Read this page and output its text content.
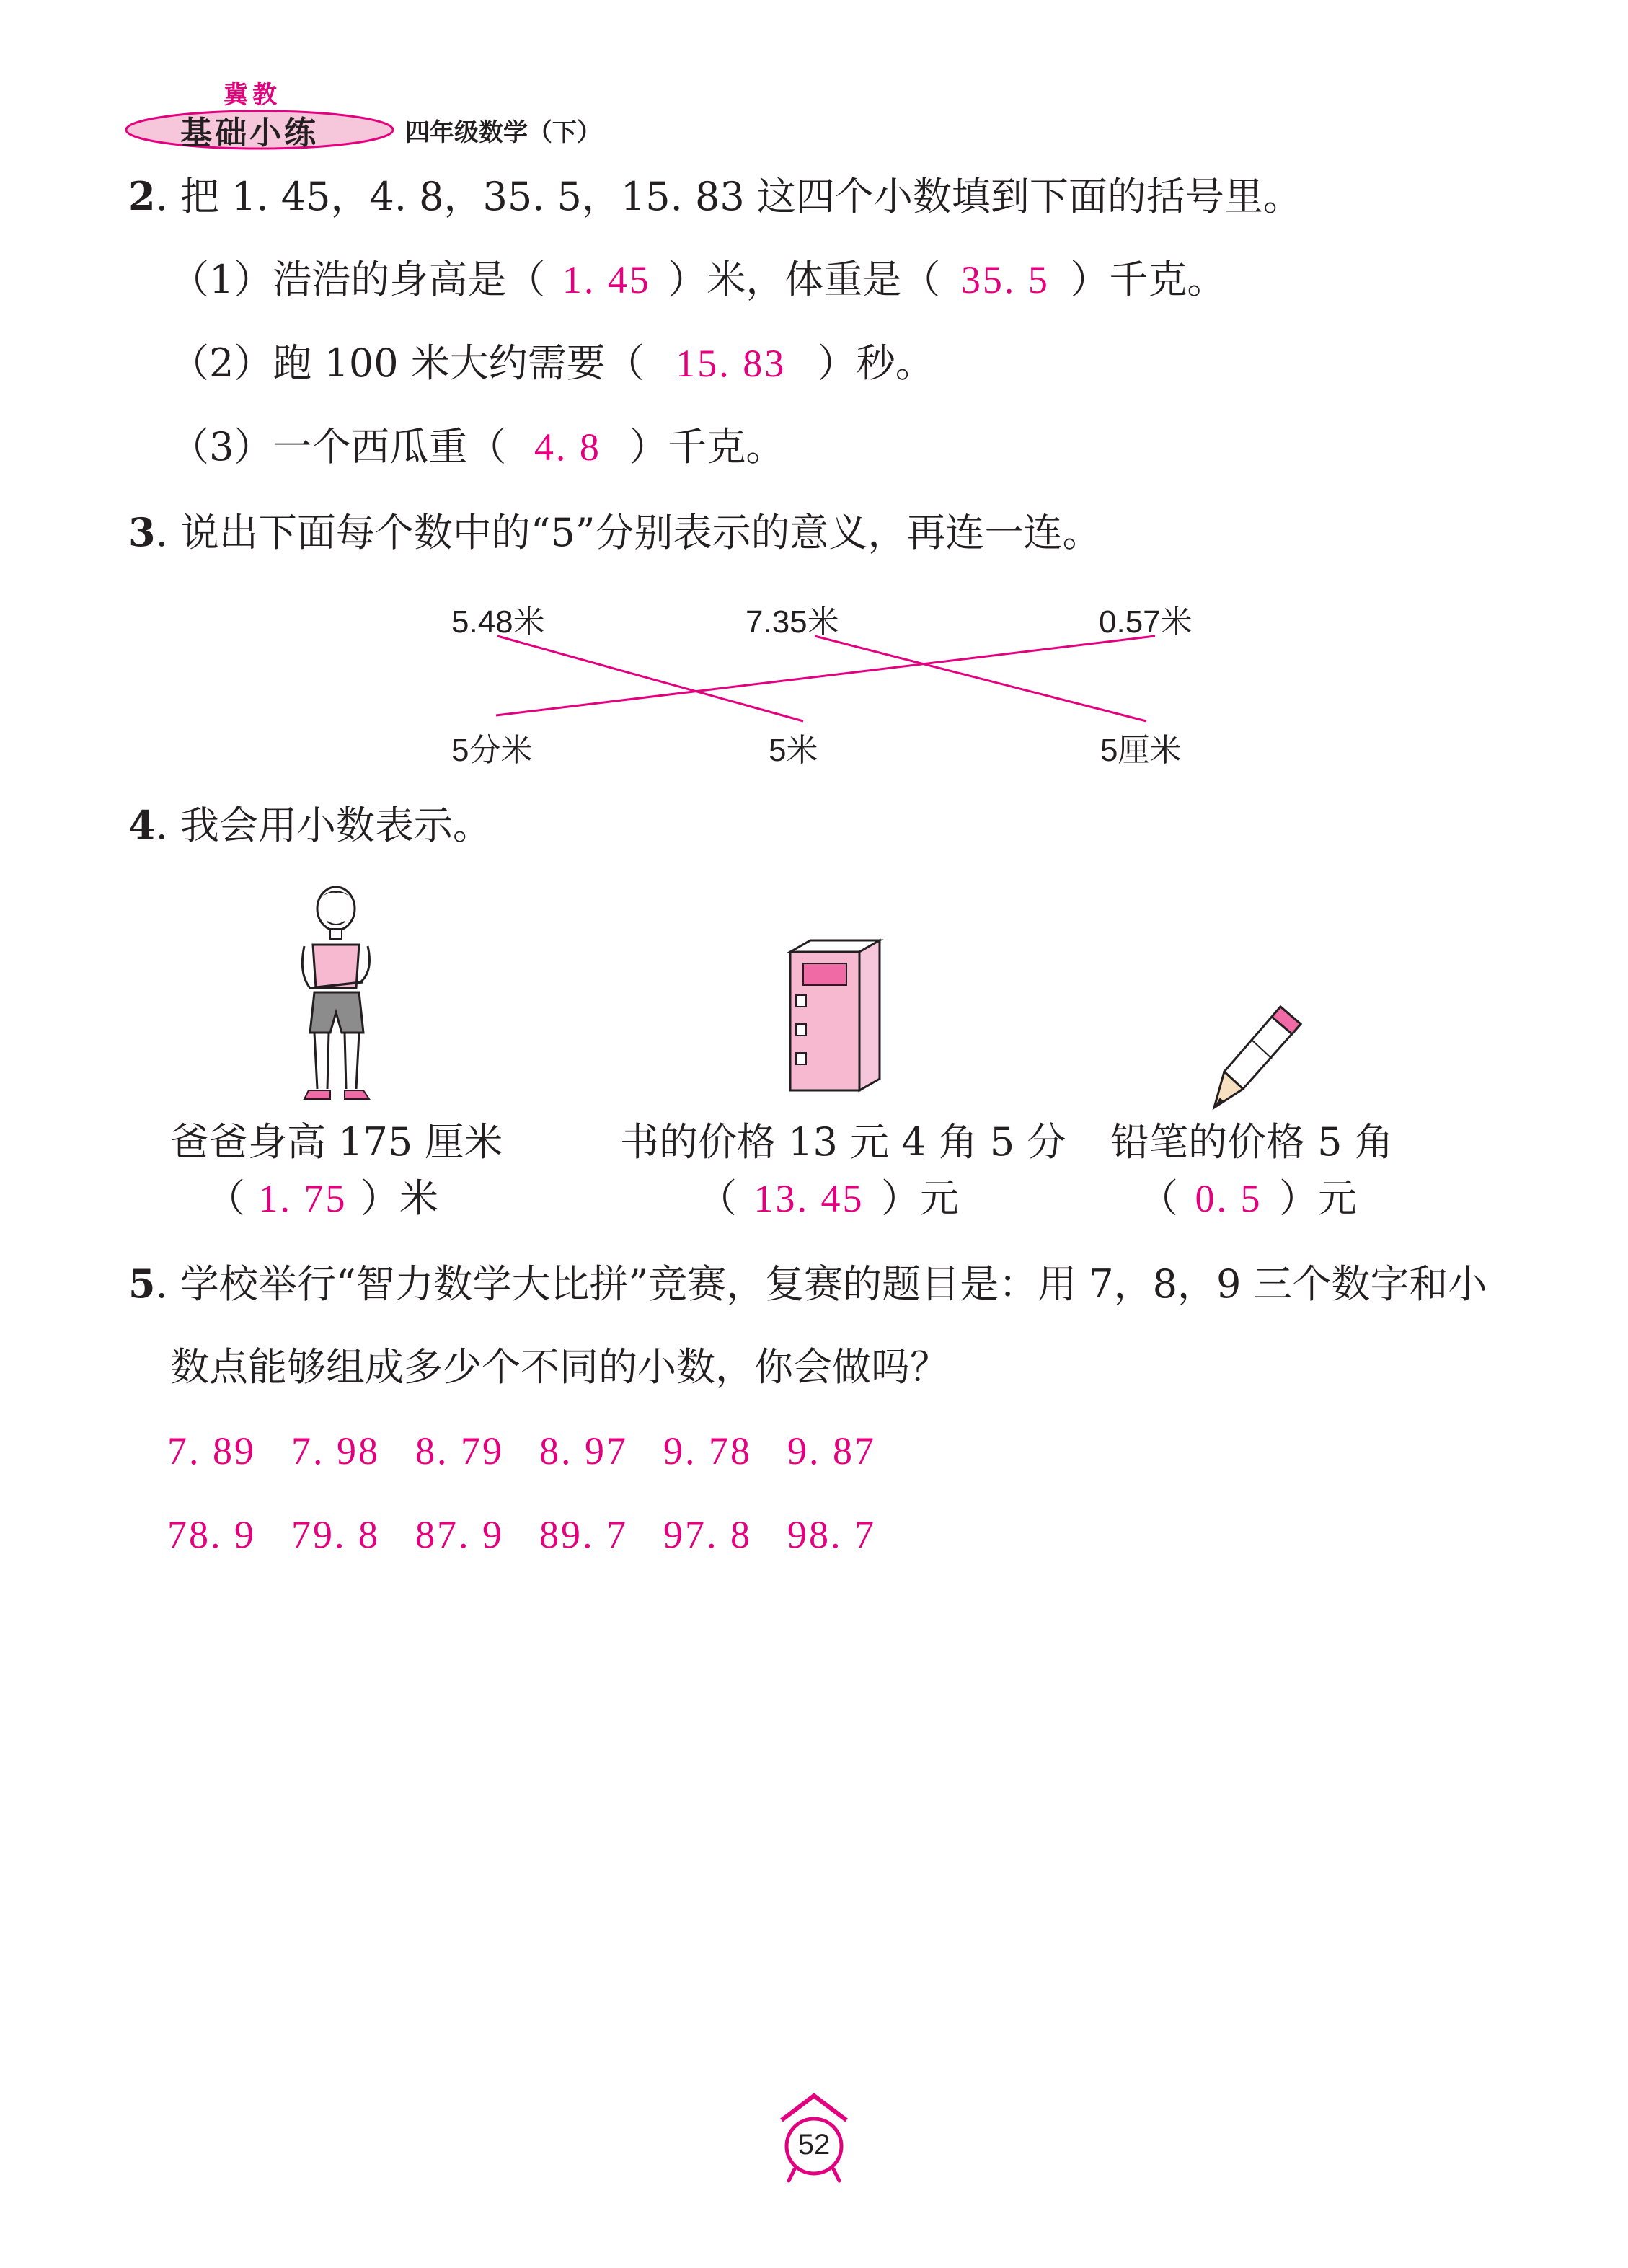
冀教
基础小练	四年级数学（下）
2. 把 1. 45，4. 8，35. 5，15. 83 这四个小数填到下面的括号里。
（1）浩浩的身高是（ 1. 45 ）米，体重是（ 35. 5 ）千克。
（2）跑 100 米大约需要（ 15. 83 ）秒。
（3）一个西瓜重（ 4. 8 ）千克。
3. 说出下面每个数中的“5”分别表示的意义，再连一连。
5.48米	7.35米	0.57米
5分米	5米	5厘米
4. 我会用小数表示。
爸爸身高 175 厘米	书的价格 13 元 4 角 5 分 铅笔的价格 5 角
（ 1. 75 ）米	（ 13. 45 ）元	（ 0. 5 ）元
5. 学校举行“智力数学大比拼”竞赛，复赛的题目是：用 7，8，9 三个数字和小
数点能够组成多少个不同的小数，你会做吗？
7. 89 7. 98 8. 79 8. 97 9. 78 9. 87
78. 9 79. 8 87. 9 89. 7 97. 8 98. 7
52
